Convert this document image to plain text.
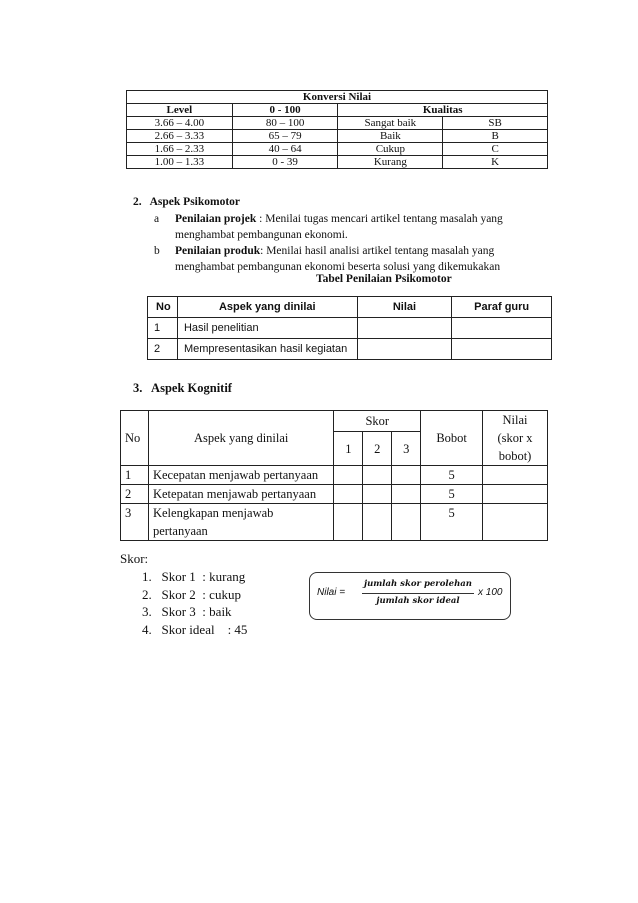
Konversi Nilai			
Level	0 - 100	Kualitas	
3.66 – 4.00	80 – 100	Sangat baik	SB
2.66 – 3.33	65 – 79	Baik	B
1.66 – 2.33	40 – 64	Cukup	C
1.00 – 1.33	0 - 39	Kurang	K
2.   Aspek Psikomotor
a Penilaian projek : Menilai tugas mencari artikel tentang masalah yang
menghambat pembangunan ekonomi.
b Penilaian produk: Menilai hasil analisi artikel tentang masalah yang
menghambat pembangunan ekonomi beserta solusi yang dikemukakan
Tabel Penilaian Psikomotor
No	Aspek yang dinilai	Nilai	Paraf guru
1	Hasil penelitian		
2	Mempresentasikan hasil kegiatan		
3.   Aspek Kognitif
No	Aspek yang dinilai	Skor			Bobot	Nilai
(skor x
bobot)

		1	2	3		
1	Kecepatan menjawab pertanyaan				5	
2	Ketepatan menjawab pertanyaan				5	
3	Kelengkapan menjawab
pertanyaan				5	
Skor:
1.   Skor 1  : kurang
2.   Skor 2  : cukup
3.   Skor 3  : baik
4.   Skor ideal    : 45
Nilai =
jumlah skor perolehan
jumlah skor ideal
x 100
